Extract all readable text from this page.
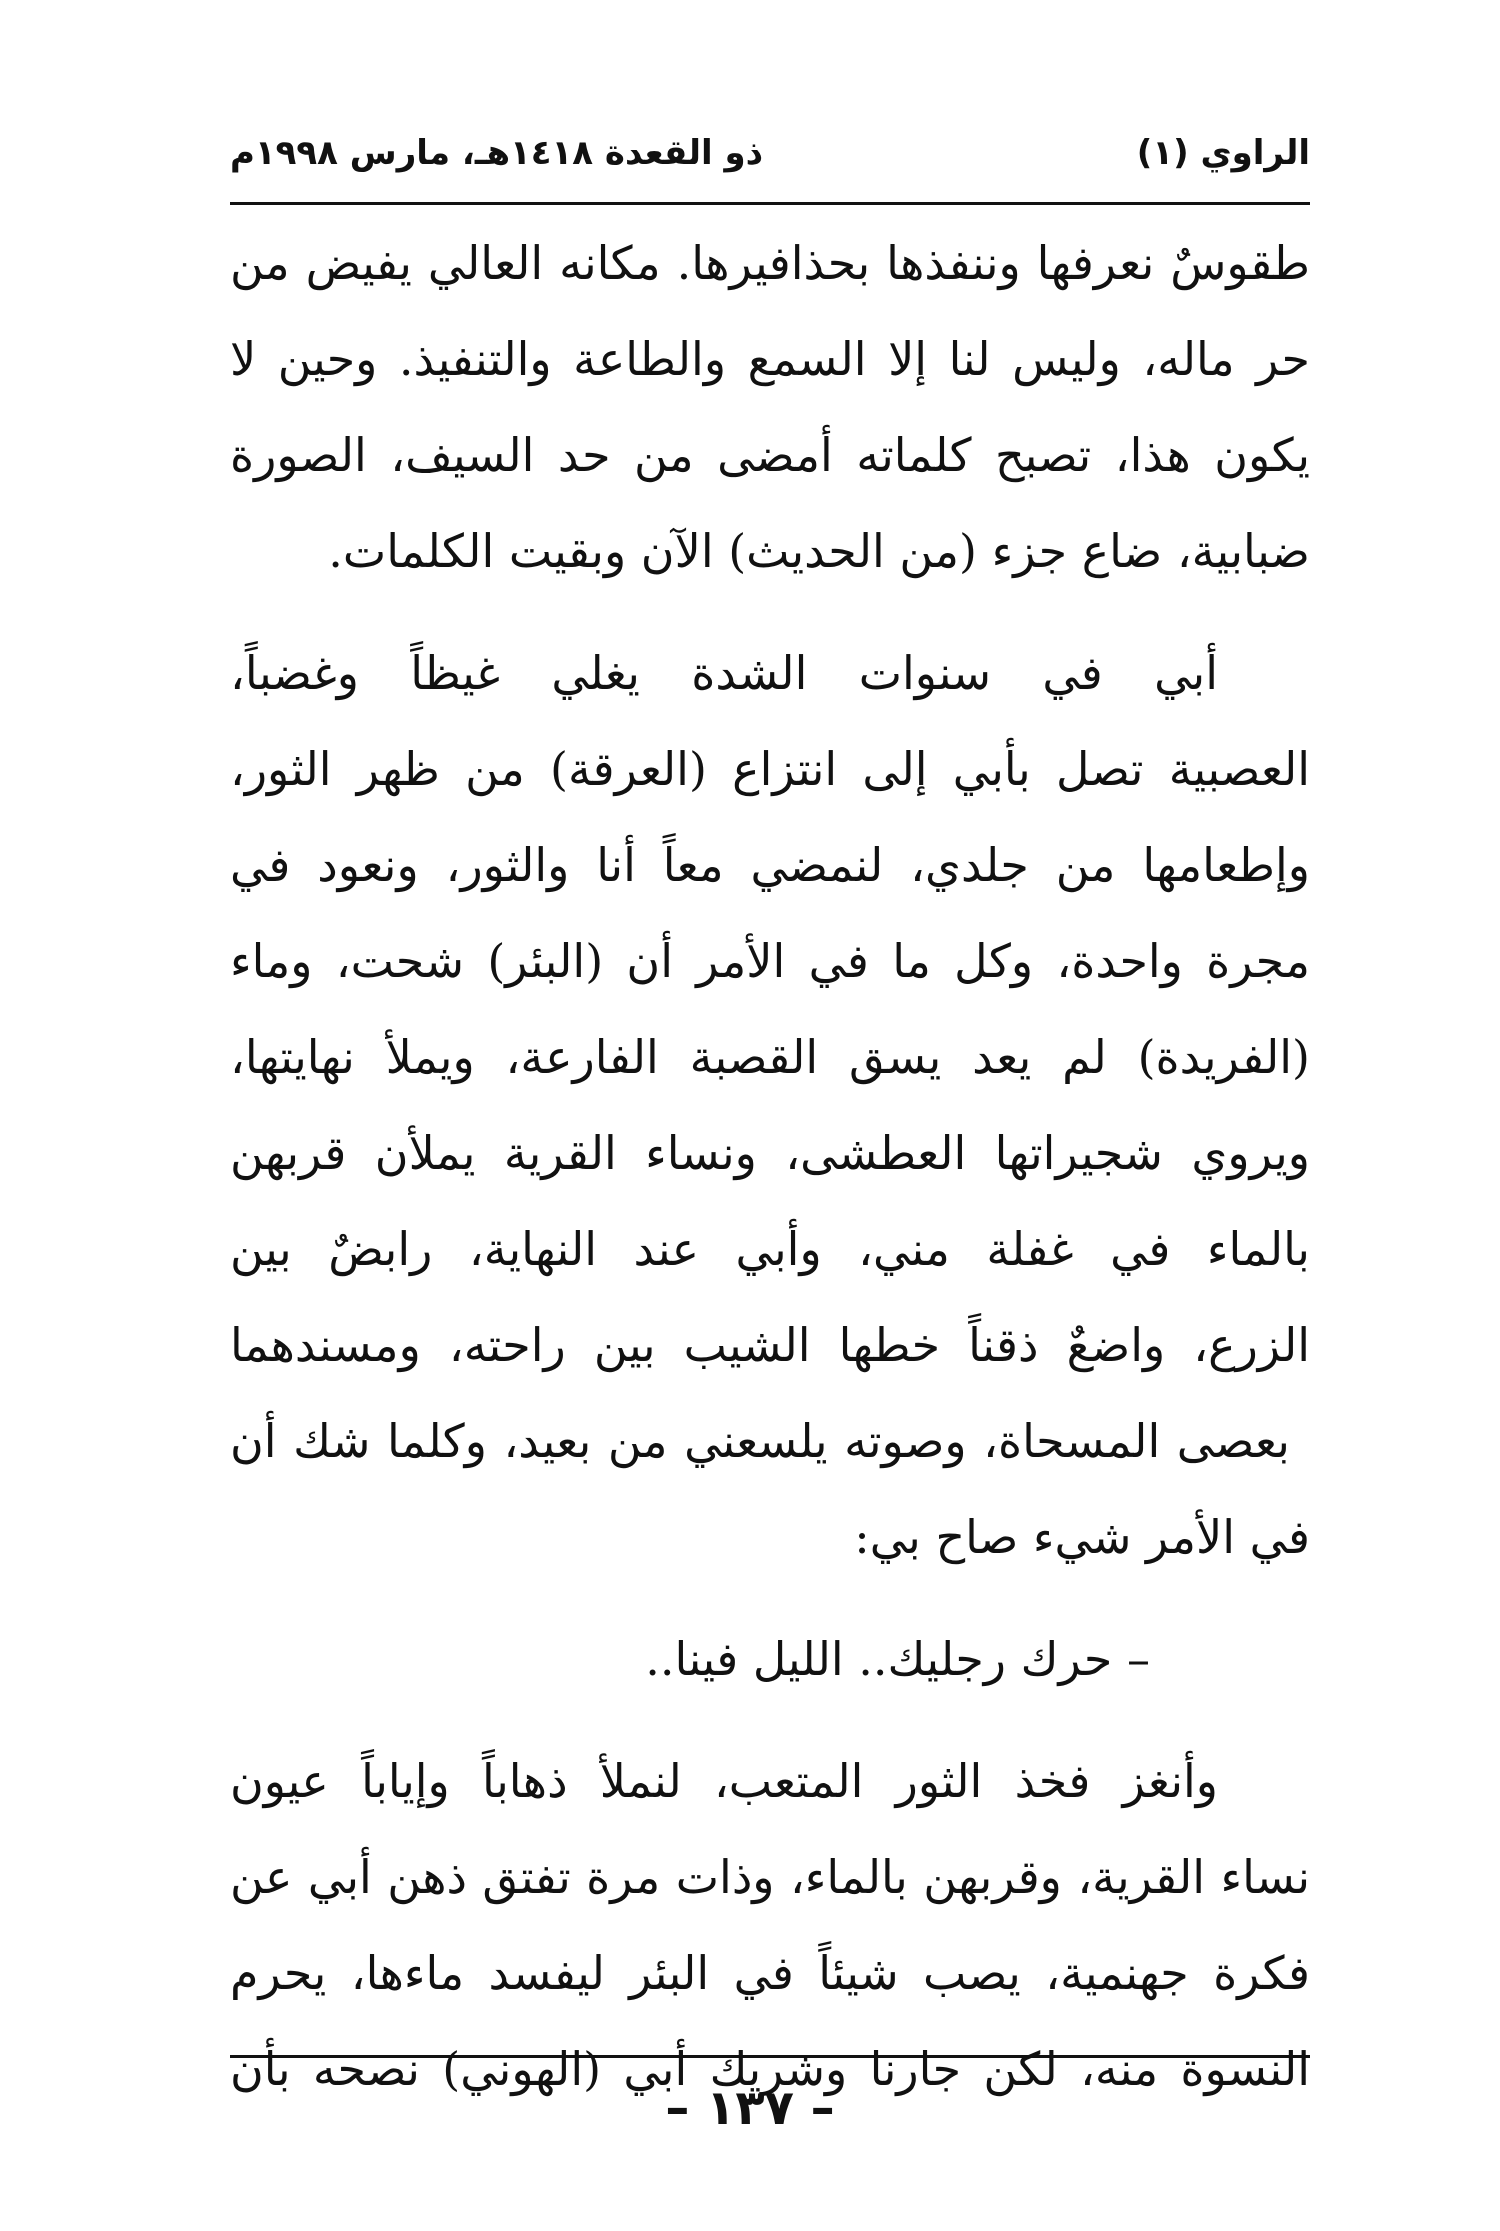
الراوي (١)
ذو القعدة ١٤١٨هـ، مارس ١٩٩٨م

طقوسٌ نعرفها وننفذها بحذافيرها. مكانه العالي يفيض من
حر ماله، وليس لنا إلا السمع والطاعة والتنفيذ. وحين لا
يكون هذا، تصبح كلماته أمضى من حد السيف، الصورة
ضبابية، ضاع جزء (من الحديث) الآن وبقيت الكلمات.

أبي في سنوات الشدة يغلي غيظاً وغضباً،
العصبية تصل بأبي إلى انتزاع (العرقة) من ظهر الثور،
وإطعامها من جلدي، لنمضي معاً أنا والثور، ونعود في
مجرة واحدة، وكل ما في الأمر أن (البئر) شحت، وماء
(الفريدة) لم يعد يسق القصبة الفارعة، ويملأ نهايتها،
ويروي شجيراتها العطشى، ونساء القرية يملأن قربهن
بالماء في غفلة مني، وأبي عند النهاية، رابضٌ بين
الزرع، واضعٌ ذقناً خطها الشيب بين راحته، ومسندهما
بعصى المسحاة، وصوته يلسعني من بعيد، وكلما شك أن
في الأمر شيء صاح بي:

– حرك رجليك.. الليل فينا..

وأنغز فخذ الثور المتعب، لنملأ ذهاباً وإياباً عيون
نساء القرية، وقربهن بالماء، وذات مرة تفتق ذهن أبي عن
فكرة جهنمية، يصب شيئاً في البئر ليفسد ماءها، يحرم
النسوة منه، لكن جارنا وشريك أبي (الهوني) نصحه بأن

– ١٣٧ –
